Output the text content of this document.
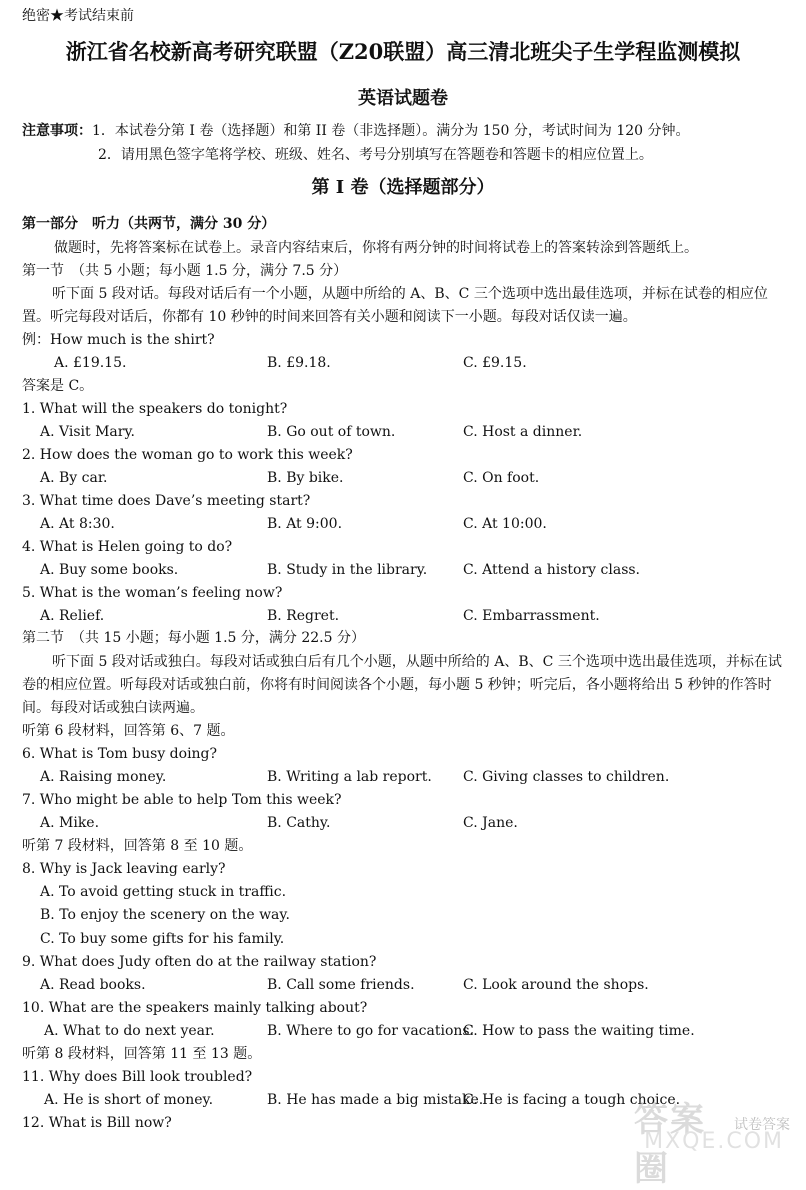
绝密★考试结束前
浙江省名校新高考研究联盟（Z20联盟）高三清北班尖子生学程监测模拟
英语试题卷
注意事项：1．本试卷分第 I 卷（选择题）和第 II 卷（非选择题）。满分为 150 分，考试时间为 120 分钟。
2．请用黑色签字笔将学校、班级、姓名、考号分别填写在答题卷和答题卡的相应位置上。
第 I 卷（选择题部分）
第一部分　听力（共两节，满分 30 分）
做题时，先将答案标在试卷上。录音内容结束后，你将有两分钟的时间将试卷上的答案转涂到答题纸上。
第一节　（共 5 小题；每小题 1.5 分，满分 7.5 分）
听下面 5 段对话。每段对话后有一个小题，从题中所给的 A、B、C 三个选项中选出最佳选项，并标在试卷的相应位置。听完每段对话后，你都有 10 秒钟的时间来回答有关小题和阅读下一小题。每段对话仅读一遍。
例：How much is the shirt?
A. £19.15.	B. £9.18.	C. £9.15.
答案是 C。
1. What will the speakers do tonight?
A. Visit Mary.	B. Go out of town.	C. Host a dinner.
2. How does the woman go to work this week?
A. By car.	B. By bike.	C. On foot.
3. What time does Dave’s meeting start?
A. At 8:30.	B. At 9:00.	C. At 10:00.
4. What is Helen going to do?
A. Buy some books.	B. Study in the library.	C. Attend a history class.
5. What is the woman’s feeling now?
A. Relief.	B. Regret.	C. Embarrassment.
第二节　（共 15 小题；每小题 1.5 分，满分 22.5 分）
听下面 5 段对话或独白。每段对话或独白后有几个小题，从题中所给的 A、B、C 三个选项中选出最佳选项，并标在试卷的相应位置。听每段对话或独白前，你将有时间阅读各个小题，每小题 5 秒钟；听完后，各小题将给出 5 秒钟的作答时间。每段对话或独白读两遍。
听第 6 段材料，回答第 6、7 题。
6. What is Tom busy doing?
A. Raising money.	B. Writing a lab report. C. Giving classes to children.
7. Who might be able to help Tom this week?
A. Mike.	B. Cathy.	C. Jane.
听第 7 段材料，回答第 8 至 10 题。
8. Why is Jack leaving early?
A. To avoid getting stuck in traffic.
B. To enjoy the scenery on the way.
C. To buy some gifts for his family.
9. What does Judy often do at the railway station?
A. Read books.	B. Call some friends.	C. Look around the shops.
10. What are the speakers mainly talking about?
A. What to do next year.	B. Where to go for vacations.
C. How to pass the waiting time.
听第 8 段材料，回答第 11 至 13 题。
11. Why does Bill look troubled?
A. He is short of money.	B. He has made a big mistake.
C. He is facing a tough choice.
12. What is Bill now?	答案圈
试卷答案
MXQE.COM
